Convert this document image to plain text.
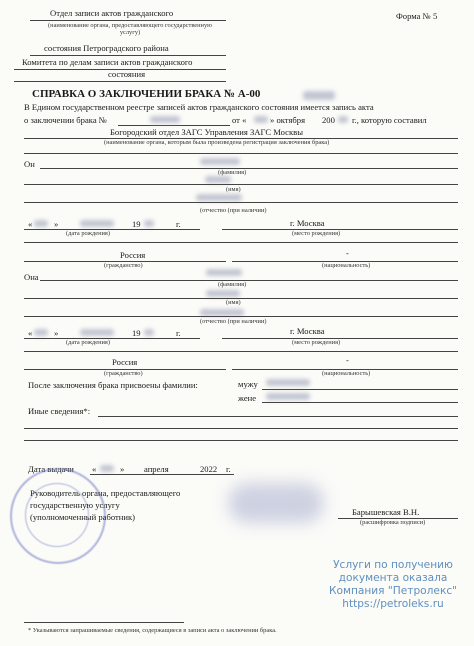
Отдел записи актов гражданского
(наименование органа, предоставляющего государственную услугу)
состояния Петроградского района
Комитета по делам записи актов гражданского
состояния
Форма № 5
СПРАВКА О ЗАКЛЮЧЕНИИ БРАКА № А-00
В Едином государственном реестре записей актов гражданского состояния имеется запись акта
о заключении брака №	от «	» октября 200 г., которую составил
Богородский отдел ЗАГС Управления ЗАГС Москвы
(наименование органа, которым была произведена регистрация заключения брака)
Он
(фамилия)
(имя)
(отчество (при наличии)
«	»	19	г.
(дата рождения)
г. Москва
(место рождения)
Россия
(гражданство)
-
(национальность)
Она
(фамилия)
(имя)
(отчество (при наличии)
«	»	19	г.
(дата рождения)
г. Москва
(место рождения)
Россия
(гражданство)
-
(национальность)
После заключения брака присвоены фамилии:	мужу
жене
Иные сведения*:
Дата выдачи «	» апреля	2022 г.
Руководитель органа, предоставляющего
государственную услугу
(уполномоченный работник)	Барышевская В.Н.
(расшифровка подписи)
Услуги по получению
документа оказала
Компания "Петролекс"
https://petroleks.ru
* Указываются запрашиваемые сведения, содержащиеся в записи акта о заключении брака.
